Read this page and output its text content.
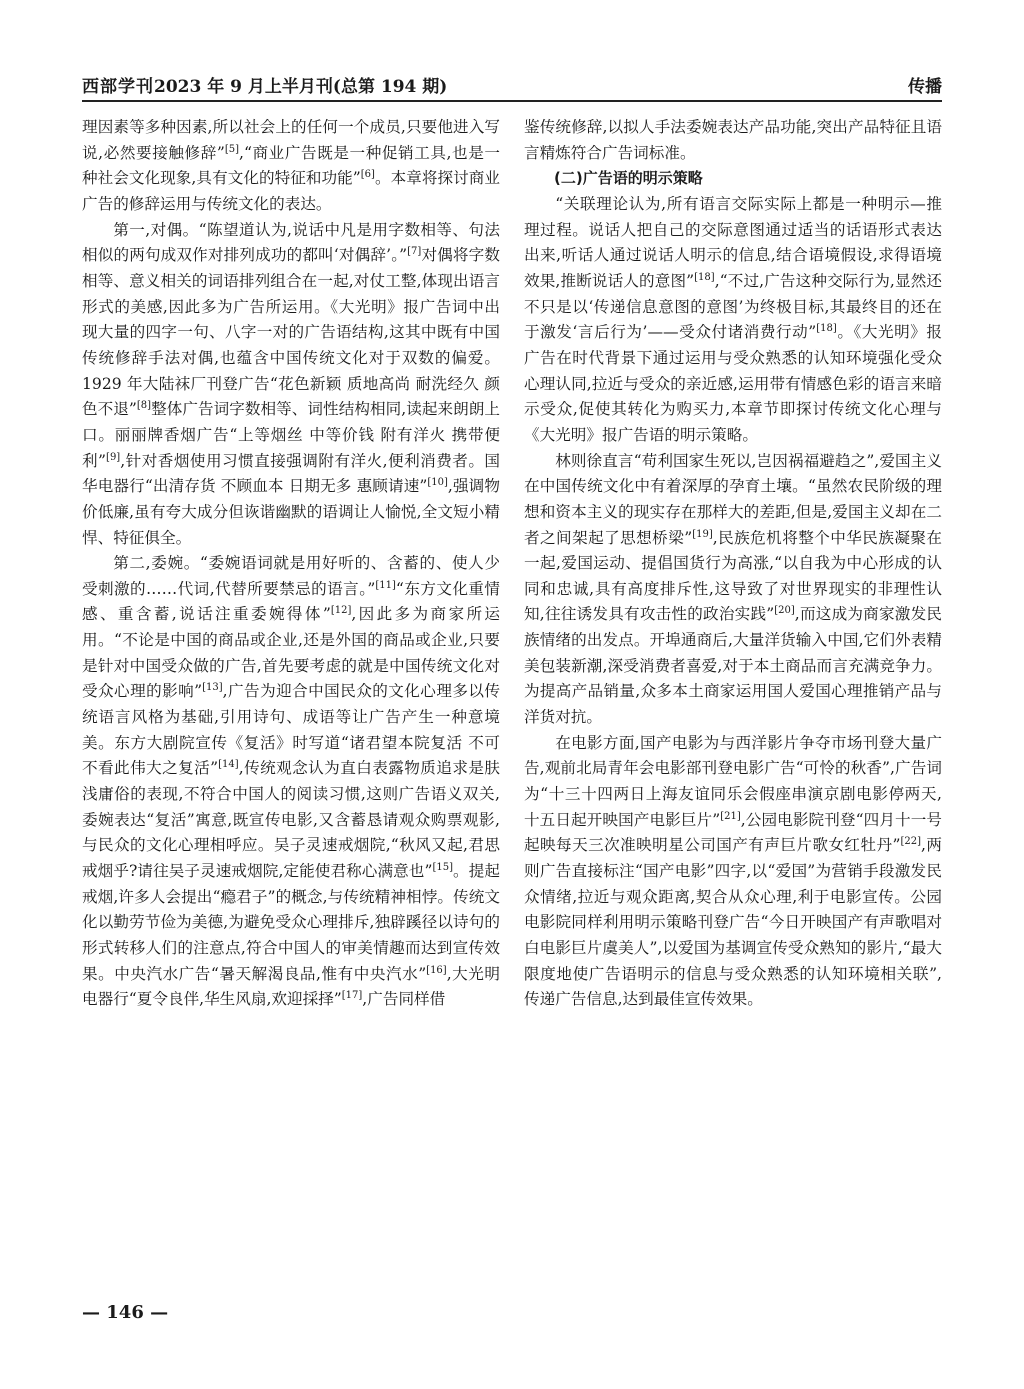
西部学刊2023 年 9 月上半月刊(总第 194 期)	传播

理因素等多种因素,所以社会上的任何一个成员,只要他进入写说,必然要接触修辞”[5],“商业广告既是一种促销工具,也是一种社会文化现象,具有文化的特征和功能”[6]。本章将探讨商业广告的修辞运用与传统文化的表达。

第一,对偶。“陈望道认为,说话中凡是用字数相等、句法相似的两句成双作对排列成功的都叫‘对偶辞’。”[7]对偶将字数相等、意义相关的词语排列组合在一起,对仗工整,体现出语言形式的美感,因此多为广告所运用。《大光明》报广告词中出现大量的四字一句、八字一对的广告语结构,这其中既有中国传统修辞手法对偶,也蕴含中国传统文化对于双数的偏爱。1929 年大陆袜厂刊登广告“花色新颖 质地高尚 耐洗经久 颜色不退”[8]整体广告词字数相等、词性结构相同,读起来朗朗上口。丽丽牌香烟广告“上等烟丝 中等价钱 附有洋火 携带便利”[9],针对香烟使用习惯直接强调附有洋火,便利消费者。国华电器行“出清存货 不顾血本 日期无多 惠顾请速”[10],强调物价低廉,虽有夸大成分但诙谐幽默的语调让人愉悦,全文短小精悍、特征俱全。

第二,委婉。“委婉语词就是用好听的、含蓄的、使人少受刺激的……代词,代替所要禁忌的语言。”[11]“东方文化重情感、重含蓄,说话注重委婉得体”[12],因此多为商家所运用。“不论是中国的商品或企业,还是外国的商品或企业,只要是针对中国受众做的广告,首先要考虑的就是中国传统文化对受众心理的影响”[13],广告为迎合中国民众的文化心理多以传统语言风格为基础,引用诗句、成语等让广告产生一种意境美。东方大剧院宣传《复活》时写道“诸君望本院复活 不可不看此伟大之复活”[14],传统观念认为直白表露物质追求是肤浅庸俗的表现,不符合中国人的阅读习惯,这则广告语义双关,委婉表达“复活”寓意,既宣传电影,又含蓄恳请观众购票观影,与民众的文化心理相呼应。吴子灵速戒烟院,“秋风又起,君思戒烟乎?请往吴子灵速戒烟院,定能使君称心满意也”[15]。提起戒烟,许多人会提出“瘾君子”的概念,与传统精神相悖。传统文化以勤劳节俭为美德,为避免受众心理排斥,独辟蹊径以诗句的形式转移人们的注意点,符合中国人的审美情趣而达到宣传效果。中央汽水广告“暑天解渴良品,惟有中央汽水”[16],大光明电器行“夏令良伴,华生风扇,欢迎採择”[17],广告同样借

鉴传统修辞,以拟人手法委婉表达产品功能,突出产品特征且语言精炼符合广告词标准。

(二)广告语的明示策略

“关联理论认为,所有语言交际实际上都是一种明示—推理过程。说话人把自己的交际意图通过适当的话语形式表达出来,听话人通过说话人明示的信息,结合语境假设,求得语境效果,推断说话人的意图”[18],“不过,广告这种交际行为,显然还不只是以‘传递信息意图的意图’为终极目标,其最终目的还在于激发‘言后行为’——受众付诸消费行动”[18]。《大光明》报广告在时代背景下通过运用与受众熟悉的认知环境强化受众心理认同,拉近与受众的亲近感,运用带有情感色彩的语言来暗示受众,促使其转化为购买力,本章节即探讨传统文化心理与《大光明》报广告语的明示策略。

林则徐直言“苟利国家生死以,岂因祸福避趋之”,爱国主义在中国传统文化中有着深厚的孕育土壤。“虽然农民阶级的理想和资本主义的现实存在那样大的差距,但是,爱国主义却在二者之间架起了思想桥梁”[19],民族危机将整个中华民族凝聚在一起,爱国运动、提倡国货行为高涨,“以自我为中心形成的认同和忠诚,具有高度排斥性,这导致了对世界现实的非理性认知,往往诱发具有攻击性的政治实践”[20],而这成为商家激发民族情绪的出发点。开埠通商后,大量洋货输入中国,它们外表精美包装新潮,深受消费者喜爱,对于本土商品而言充满竞争力。为提高产品销量,众多本土商家运用国人爱国心理推销产品与洋货对抗。

在电影方面,国产电影为与西洋影片争夺市场刊登大量广告,观前北局青年会电影部刊登电影广告“可怜的秋香”,广告词为“十三十四两日上海友谊同乐会假座串演京剧电影停两天,十五日起开映国产电影巨片”[21],公园电影院刊登“四月十一号起映每天三次准映明星公司国产有声巨片歌女红牡丹”[22],两则广告直接标注“国产电影”四字,以“爱国”为营销手段激发民众情绪,拉近与观众距离,契合从众心理,利于电影宣传。公园电影院同样利用明示策略刊登广告“今日开映国产有声歌唱对白电影巨片虞美人”,以爱国为基调宣传受众熟知的影片,“最大限度地使广告语明示的信息与受众熟悉的认知环境相关联”,传递广告信息,达到最佳宣传效果。

— 146 —
